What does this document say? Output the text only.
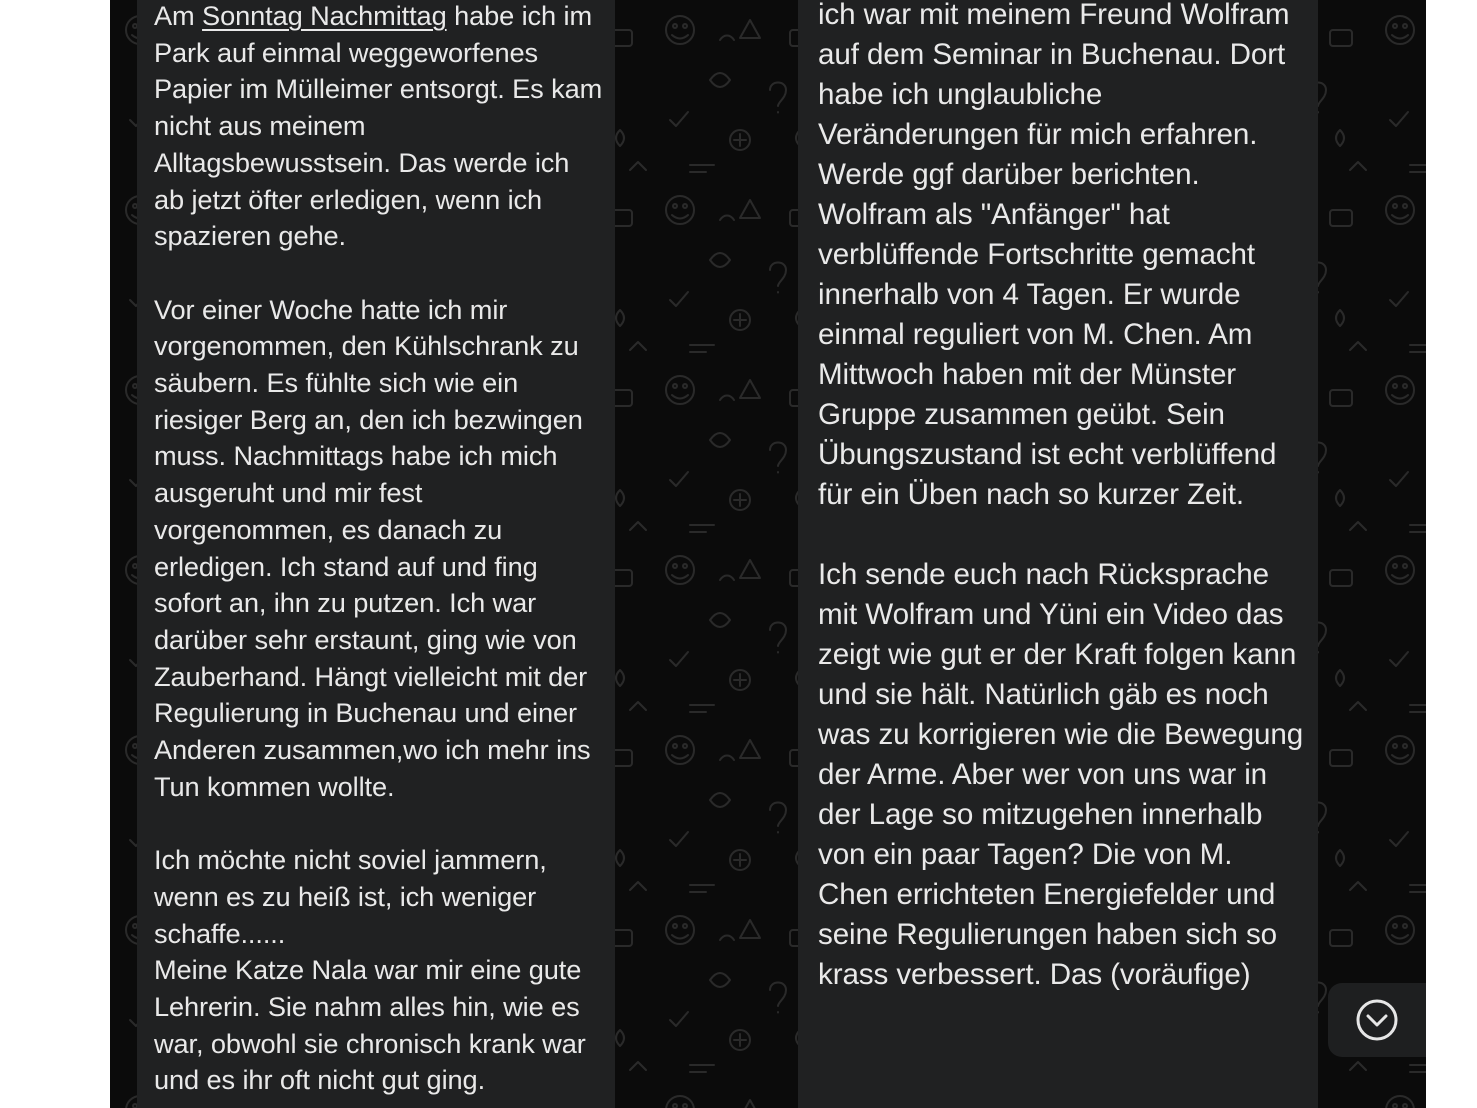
Am Sonntag Nachmittag habe ich im Park auf einmal weggeworfenes Papier im Mülleimer entsorgt. Es kam nicht aus meinem Alltagsbewusstsein. Das werde ich ab jetzt öfter erledigen, wenn ich spazieren gehe.

Vor einer Woche hatte ich mir vorgenommen, den Kühlschrank zu säubern. Es fühlte sich wie ein riesiger Berg an, den ich bezwingen muss. Nachmittags habe ich mich ausgeruht und mir fest vorgenommen, es danach zu erledigen. Ich stand auf und fing sofort an, ihn zu putzen. Ich war darüber sehr erstaunt, ging wie von Zauberhand. Hängt vielleicht mit der Regulierung in Buchenau und einer Anderen zusammen,wo ich mehr ins Tun kommen wollte.

Ich möchte nicht soviel jammern, wenn es zu heiß ist, ich weniger schaffe......

Meine Katze Nala war mir eine gute Lehrerin. Sie nahm alles hin, wie es war, obwohl sie chronisch krank war und es ihr oft nicht gut ging.

ich war mit meinem Freund Wolfram auf dem Seminar in Buchenau. Dort habe ich unglaubliche Veränderungen für mich erfahren. Werde ggf darüber berichten.

Wolfram als "Anfänger" hat verblüffende Fortschritte gemacht innerhalb von 4 Tagen. Er wurde einmal reguliert von M. Chen. Am Mittwoch haben mit der Münster Gruppe zusammen geübt. Sein Übungszustand ist echt verblüffend für ein Üben nach so kurzer Zeit.

Ich sende euch nach Rücksprache mit Wolfram und Yüni ein Video das zeigt wie gut er der Kraft folgen kann und sie hält. Natürlich gäb es noch was zu korrigieren wie die Bewegung der Arme. Aber wer von uns war in der Lage so mitzugehen innerhalb von ein paar Tagen? Die von M. Chen errichteten Energiefelder und seine Regulierungen haben sich so krass verbessert. Das (voräufige)
